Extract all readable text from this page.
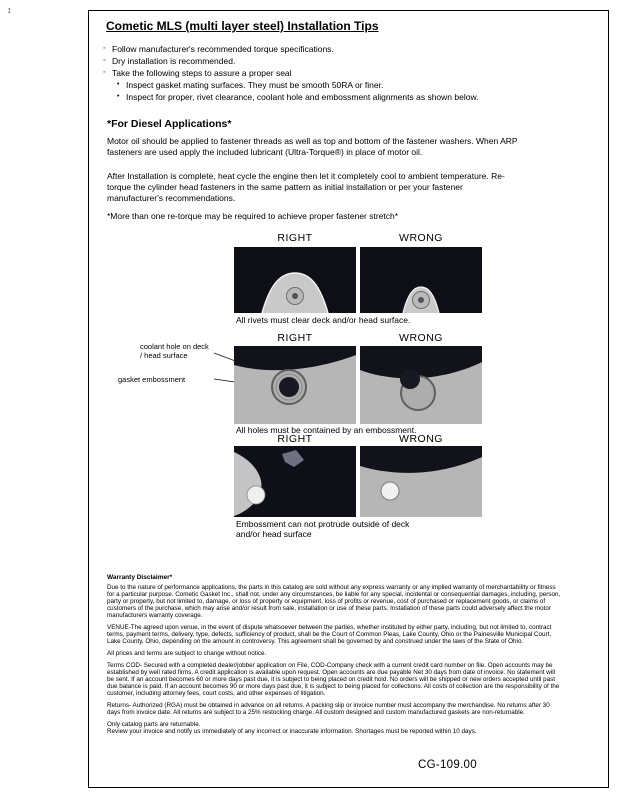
↕
Cometic MLS (multi layer steel) Installation Tips
◦ Follow manufacturer's recommended torque specifications.
◦ Dry installation is recommended.
◦ Take the following steps to assure a proper seal
• Inspect gasket mating surfaces. They must be smooth 50RA or finer.
• Inspect for proper, rivet clearance, coolant hole and embossment alignments as shown below.
*For Diesel Applications*
Motor oil should be applied to fastener threads as well as top and bottom of the fastener washers. When ARP fasteners are used apply the included lubricant (Ultra-Torque®) in place of motor oil.
After Installation is complete, heat cycle the engine then let it completely cool to ambient temperature. Re-torque the cylinder head fasteners in the same pattern as initial installation or per your fastener manufacturer's recommendations.
*More than one re-torque may be required to achieve proper fastener stretch*
RIGHT	WRONG
All rivets must clear deck and/or head surface.
RIGHT	WRONG
coolant hole on deck / head surface
gasket embossment
All holes must be contained by an embossment.
RIGHT	WRONG
Embossment can not protrude outside of deck and/or head surface
Warranty Disclaimer*

Due to the nature of performance applications, the parts in this catalog are sold without any express warranty or any implied warranty of merchantability or fitness for a particular purpose. Cometic Gasket Inc., shall not, under any circumstances, be liable for any special, incidental or consequential damages, including, person, party or property, but not limited to, damage, or loss of property or equipment, loss of profits or revenue, cost of purchased or replacement goods, or claims of customers of the purchase, which may arise and/or result from sale, installation or use of these parts. Installation of these parts could adversely affect the motor manufacturers warranty coverage.

VENUE-The agreed upon venue, in the event of dispute whatsoever between the parties, whether instituted by either party, including, but not limited to, contract terms, payment terms, delivery, type, defects, sufficiency of product, shall be the Court of Common Pleas, Lake County, Ohio or the Painesville Municipal Court, Lake County, Ohio, depending on the amount in controversy. This agreement shall be governed by and construed under the laws of the State of Ohio.

All prices and terms are subject to change without notice.

Terms COD- Secured with a completed dealer/jobber application on File, COD-Company check with a current credit card number on file. Open accounts may be established by well rated firms. A credit application is available upon request. Open accounts are due payable Net 30 days from date of invoice. No statement will be sent. If an account becomes 60 or more days past due, it is subject to being placed on credit hold. No orders will be shipped or new orders accepted until past due balance is paid. If an account becomes 90 or more days past due, it is subject to being placed for collections. All costs of collection are the responsibility of the customer, including attorney fees, court costs, and other expenses of litigation.

Returns- Authorized (RGA) must be obtained in advance on all returns. A packing slip or invoice number must accompany the merchandise. No returns after 30 days from invoice date. All returns are subject to a 25% restocking charge. All custom designed and custom manufactured gaskets are non-returnable.

Only catalog parts are returnable.

Review your invoice and notify us immediately of any incorrect or inaccurate information. Shortages must be reported within 10 days.

CG-109.00
